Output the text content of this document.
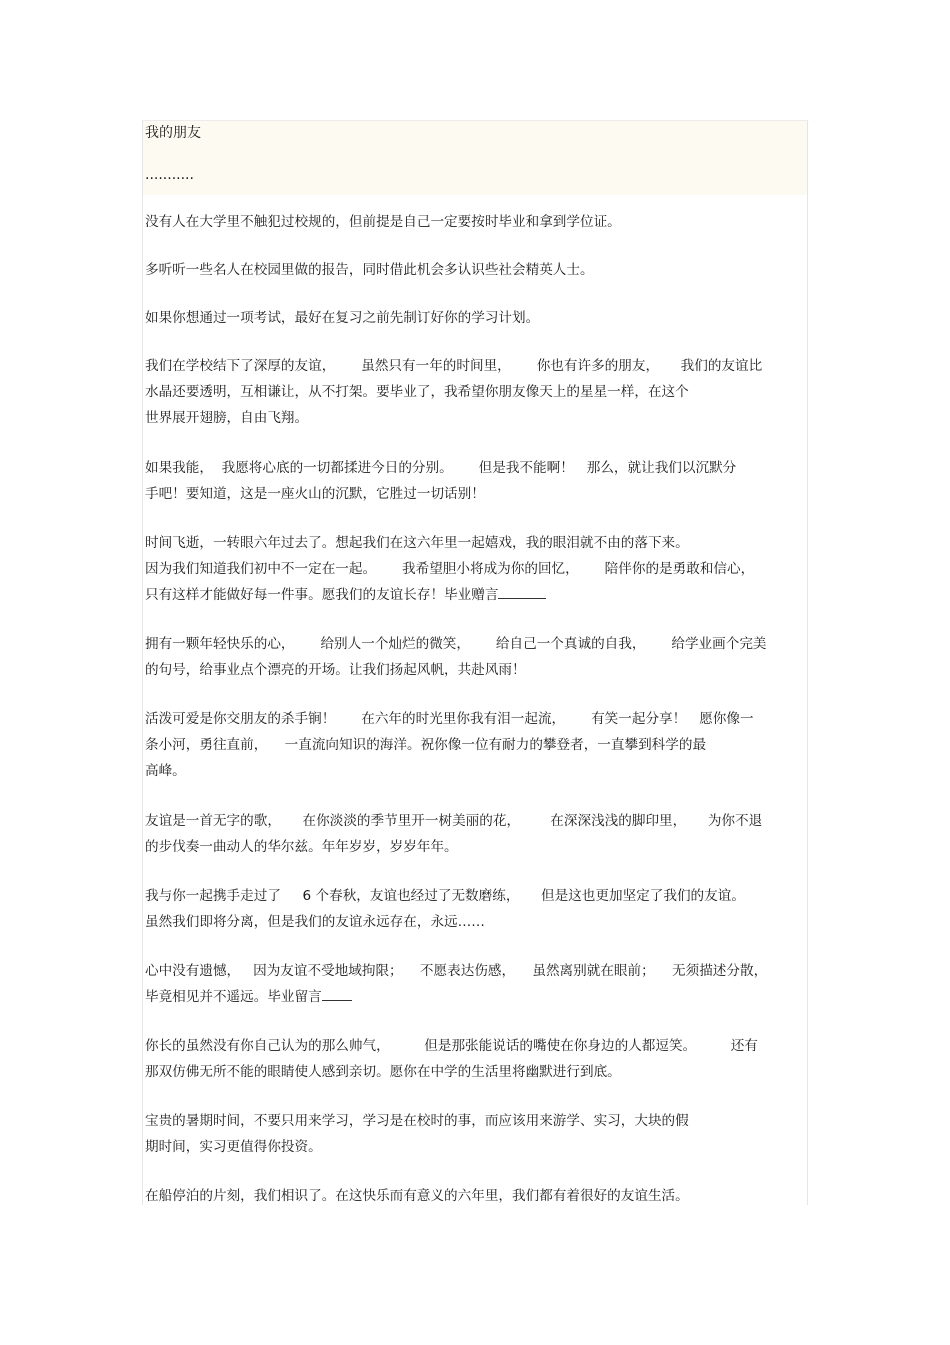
我的朋友
...........
没有人在大学里不触犯过校规的，但前提是自己一定要按时毕业和拿到学位证。
多听听一些名人在校园里做的报告，同时借此机会多认识些社会精英人士。
如果你想通过一项考试，最好在复习之前先制订好你的学习计划。
我们在学校结下了深厚的友谊，      虽然只有一年的时间里，      你也有许多的朋友，     我们的友谊比
水晶还要透明，互相谦让，从不打架。要毕业了，我希望你朋友像天上的星星一样，在这个
世界展开翅膀，自由飞翔。
如果我能，  我愿将心底的一切都揉进今日的分别。      但是我不能啊！   那么，就让我们以沉默分
手吧！要知道，这是一座火山的沉默，它胜过一切话别！
时间飞逝，一转眼六年过去了。想起我们在这六年里一起嬉戏，我的眼泪就不由的落下来。
因为我们知道我们初中不一定在一起。      我希望胆小将成为你的回忆，      陪伴你的是勇敢和信心，
只有这样才能做好每一件事。愿我们的友谊长存！毕业赠言
拥有一颗年轻快乐的心，      给别人一个灿烂的微笑，      给自己一个真诚的自我，      给学业画个完美
的句号，给事业点个漂亮的开场。让我们扬起风帆，共赴风雨！
活泼可爱是你交朋友的杀手锏！      在六年的时光里你我有泪一起流，      有笑一起分享！   愿你像一
条小河，勇往直前，    一直流向知识的海洋。祝你像一位有耐力的攀登者，一直攀到科学的最
高峰。
友谊是一首无字的歌，     在你淡淡的季节里开一树美丽的花，       在深深浅浅的脚印里，     为你不退
的步伐奏一曲动人的华尔兹。年年岁岁，岁岁年年。
我与你一起携手走过了     6 个春秋，友谊也经过了无数磨练，     但是这也更加坚定了我们的友谊。
虽然我们即将分离，但是我们的友谊永远存在，永远……
心中没有遗憾，   因为友谊不受地域拘限；    不愿表达伤感，    虽然离别就在眼前；    无须描述分散，
毕竟相见并不遥远。毕业留言
你长的虽然没有你自己认为的那么帅气，        但是那张能说话的嘴使在你身边的人都逗笑。        还有
那双仿佛无所不能的眼睛使人感到亲切。愿你在中学的生活里将幽默进行到底。
宝贵的暑期时间，不要只用来学习，学习是在校时的事，而应该用来游学、实习，大块的假
期时间，实习更值得你投资。
在船停泊的片刻，我们相识了。在这快乐而有意义的六年里，我们都有着很好的友谊生活。
